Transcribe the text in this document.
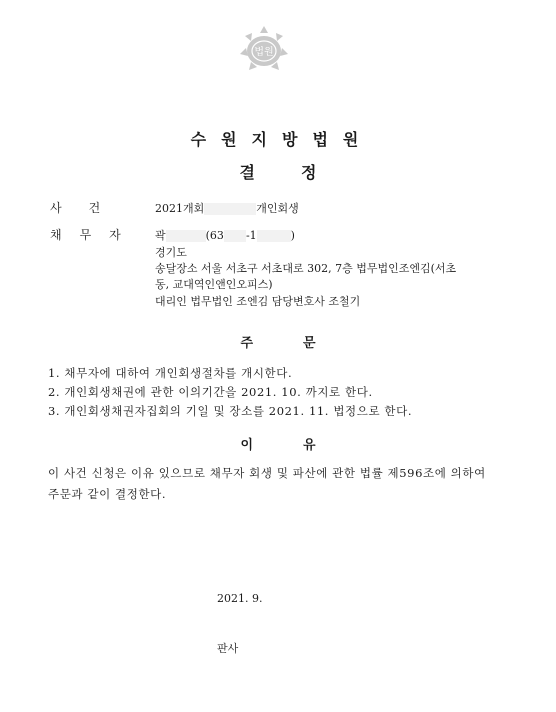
법원
수원지방법원
결정
사건	2021개회	개인회생
채무자 곽	(63 -1	)
경기도
송달장소 서울 서초구 서초대로 302, 7층 법무법인조엔김(서초
동, 교대역인앤인오피스)
대리인 법무법인 조엔김 담당변호사 조철기
주문
1. 채무자에 대하여 개인회생절차를 개시한다.
2. 개인회생채권에 관한 이의기간을 2021. 10. 까지로 한다.
3. 개인회생채권자집회의 기일 및 장소를 2021. 11. 법정으로 한다.
이유
이 사건 신청은 이유 있으므로 채무자 회생 및 파산에 관한 법률 제596조에 의하여
주문과 같이 결정한다.
2021. 9.
판사
